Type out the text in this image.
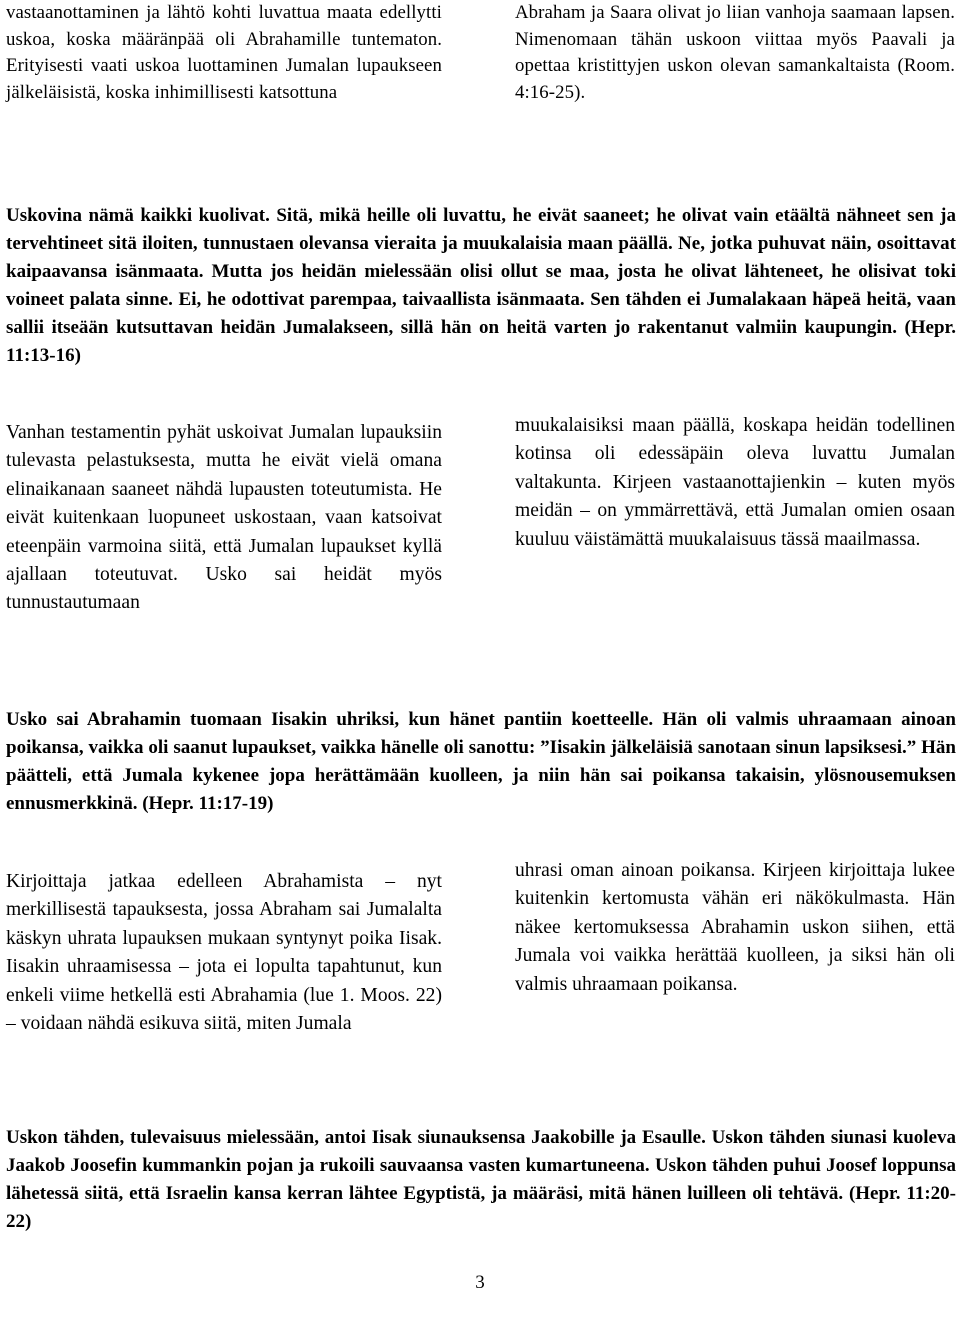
vastaanottaminen ja lähtö kohti luvattua maata edellytti uskoa, koska määränpää oli Abrahamille tuntematon. Erityisesti vaati uskoa luottaminen Jumalan lupaukseen jälkeläisistä, koska inhimillisesti katsottuna

Abraham ja Saara olivat jo liian vanhoja saamaan lapsen. Nimenomaan tähän uskoon viittaa myös Paavali ja opettaa kristittyjen uskon olevan samankaltaista (Room. 4:16-25).

Uskovina nämä kaikki kuolivat. Sitä, mikä heille oli luvattu, he eivät saaneet; he olivat vain etäältä nähneet sen ja tervehtineet sitä iloiten, tunnustaen olevansa vieraita ja muukalaisia maan päällä. Ne, jotka puhuvat näin, osoittavat kaipaavansa isänmaata. Mutta jos heidän mielessään olisi ollut se maa, josta he olivat lähteneet, he olisivat toki voineet palata sinne. Ei, he odottivat parempaa, taivaallista isänmaata. Sen tähden ei Jumalakaan häpeä heitä, vaan sallii itseään kutsuttavan heidän Jumalakseen, sillä hän on heitä varten jo rakentanut valmiin kaupungin. (Hepr. 11:13-16)

Vanhan testamentin pyhät uskoivat Jumalan lupauksiin tulevasta pelastuksesta, mutta he eivät vielä omana elinaikanaan saaneet nähdä lupausten toteutumista. He eivät kuitenkaan luopuneet uskostaan, vaan katsoivat eteenpäin varmoina siitä, että Jumalan lupaukset kyllä ajallaan toteutuvat. Usko sai heidät myös tunnustautumaan

muukalaisiksi maan päällä, koskapa heidän todellinen kotinsa oli edessäpäin oleva luvattu Jumalan valtakunta. Kirjeen vastaanottajienkin – kuten myös meidän – on ymmärrettävä, että Jumalan omien osaan kuuluu väistämättä muukalaisuus tässä maailmassa.

Usko sai Abrahamin tuomaan Iisakin uhriksi, kun hänet pantiin koetteelle. Hän oli valmis uhraamaan ainoan poikansa, vaikka oli saanut lupaukset, vaikka hänelle oli sanottu: ”Iisakin jälkeläisiä sanotaan sinun lapsiksesi.” Hän päätteli, että Jumala kykenee jopa herättämään kuolleen, ja niin hän sai poikansa takaisin, ylösnousemuksen ennusmerkkinä. (Hepr. 11:17-19)

Kirjoittaja jatkaa edelleen Abrahamista – nyt merkillisestä tapauksesta, jossa Abraham sai Jumalalta käskyn uhrata lupauksen mukaan syntynyt poika Iisak. Iisakin uhraamisessa – jota ei lopulta tapahtunut, kun enkeli viime hetkellä esti Abrahamia (lue 1. Moos. 22) – voidaan nähdä esikuva siitä, miten Jumala

uhrasi oman ainoan poikansa. Kirjeen kirjoittaja lukee kuitenkin kertomusta vähän eri näkökulmasta. Hän näkee kertomuksessa Abrahamin uskon siihen, että Jumala voi vaikka herättää kuolleen, ja siksi hän oli valmis uhraamaan poikansa.

Uskon tähden, tulevaisuus mielessään, antoi Iisak siunauksensa Jaakobille ja Esaulle. Uskon tähden siunasi kuoleva Jaakob Joosefin kummankin pojan ja rukoili sauvaansa vasten kumartuneena. Uskon tähden puhui Joosef loppunsa lähetessä siitä, että Israelin kansa kerran lähtee Egyptistä, ja määräsi, mitä hänen luilleen oli tehtävä. (Hepr. 11:20-22)

3
